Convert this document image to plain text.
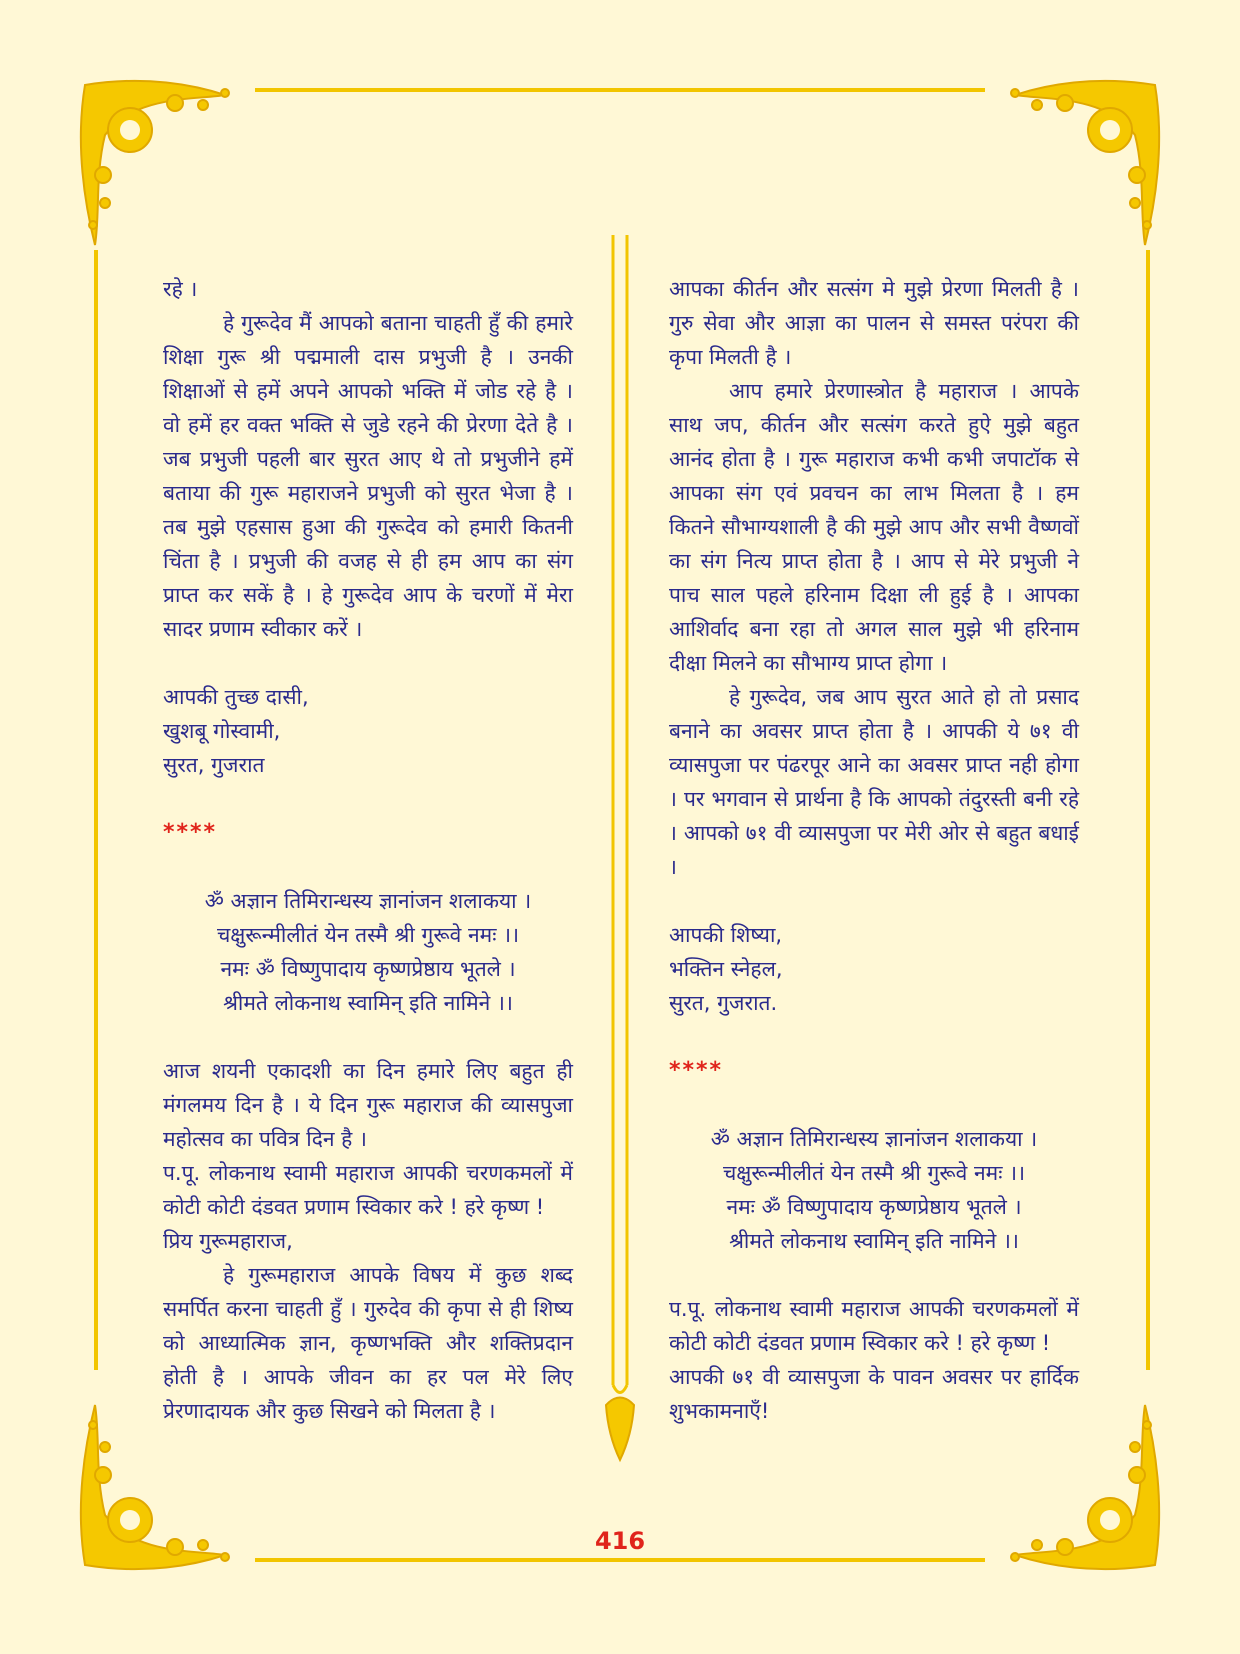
रहे ।

हे गुरूदेव मैं आपको बताना चाहती हुँ की हमारे शिक्षा गुरू श्री पद्ममाली दास प्रभुजी है । उनकी शिक्षाओं से हमें अपने आपको भक्ति में जोड रहे है । वो हमें हर वक्त भक्ति से जुडे रहने की प्रेरणा देते है । जब प्रभुजी पहली बार सुरत आए थे तो प्रभुजीने हमें बताया की गुरू महाराजने प्रभुजी को सुरत भेजा है । तब मुझे एहसास हुआ की गुरूदेव को हमारी कितनी चिंता है । प्रभुजी की वजह से ही हम आप का संग प्राप्त कर सकें है । हे गुरूदेव आप के चरणों में मेरा सादर प्रणाम स्वीकार करें ।

आपकी तुच्छ दासी,

खुशबू गोस्वामी,

सुरत, गुजरात

****

ॐ अज्ञान तिमिरान्धस्य ज्ञानांजन शलाकया ।

चक्षुरून्मीलीतं येन तस्मै श्री गुरूवे नमः ।।

नमः ॐ विष्णुपादाय कृष्णप्रेष्ठाय भूतले ।

श्रीमते लोकनाथ स्वामिन् इति नामिने ।।

आज शयनी एकादशी का दिन हमारे लिए बहुत ही मंगलमय दिन है । ये दिन गुरू महाराज की व्यासपुजा महोत्सव का पवित्र दिन है ।

प.पू. लोकनाथ स्वामी महाराज आपकी चरणकमलों में कोटी कोटी दंडवत प्रणाम स्विकार करे ! हरे कृष्ण !

प्रिय गुरूमहाराज,

हे गुरूमहाराज आपके विषय में कुछ शब्द समर्पित करना चाहती हुँ । गुरुदेव की कृपा से ही शिष्य को आध्यात्मिक ज्ञान, कृष्णभक्ति और शक्तिप्रदान होती है । आपके जीवन का हर पल मेरे लिए प्रेरणादायक और कुछ सिखने को मिलता है ।

आपका कीर्तन और सत्संग मे मुझे प्रेरणा मिलती है । गुरु सेवा और आज्ञा का पालन से समस्त परंपरा की कृपा मिलती है ।

आप हमारे प्रेरणास्त्रोत है महाराज । आपके साथ जप, कीर्तन और सत्संग करते हुऐ मुझे बहुत आनंद होता है । गुरू महाराज कभी कभी जपाटॉक से आपका संग एवं प्रवचन का लाभ मिलता है । हम कितने सौभाग्यशाली है की मुझे आप और सभी वैष्णवों का संग नित्य प्राप्त होता है । आप से मेरे प्रभुजी ने पाच साल पहले हरिनाम दिक्षा ली हुई है । आपका आशिर्वाद बना रहा तो अगल साल मुझे भी हरिनाम दीक्षा मिलने का सौभाग्य प्राप्त होगा ।

हे गुरूदेव, जब आप सुरत आते हो तो प्रसाद बनाने का अवसर प्राप्त होता है । आपकी ये ७१ वी व्यासपुजा पर पंढरपूर आने का अवसर प्राप्त नही होगा । पर भगवान से प्रार्थना है कि आपको तंदुरस्ती बनी रहे । आपको ७१ वी व्यासपुजा पर मेरी ओर से बहुत बधाई ।

आपकी शिष्या,

भक्तिन स्नेहल,

सुरत, गुजरात.

****

ॐ अज्ञान तिमिरान्धस्य ज्ञानांजन शलाकया ।

चक्षुरून्मीलीतं येन तस्मै श्री गुरूवे नमः ।।

नमः ॐ विष्णुपादाय कृष्णप्रेष्ठाय भूतले ।

श्रीमते लोकनाथ स्वामिन् इति नामिने ।।

प.पू. लोकनाथ स्वामी महाराज आपकी चरणकमलों में कोटी कोटी दंडवत प्रणाम स्विकार करे ! हरे कृष्ण !

आपकी ७१ वी व्यासपुजा के पावन अवसर पर हार्दिक शुभकामनाएँ!

416
